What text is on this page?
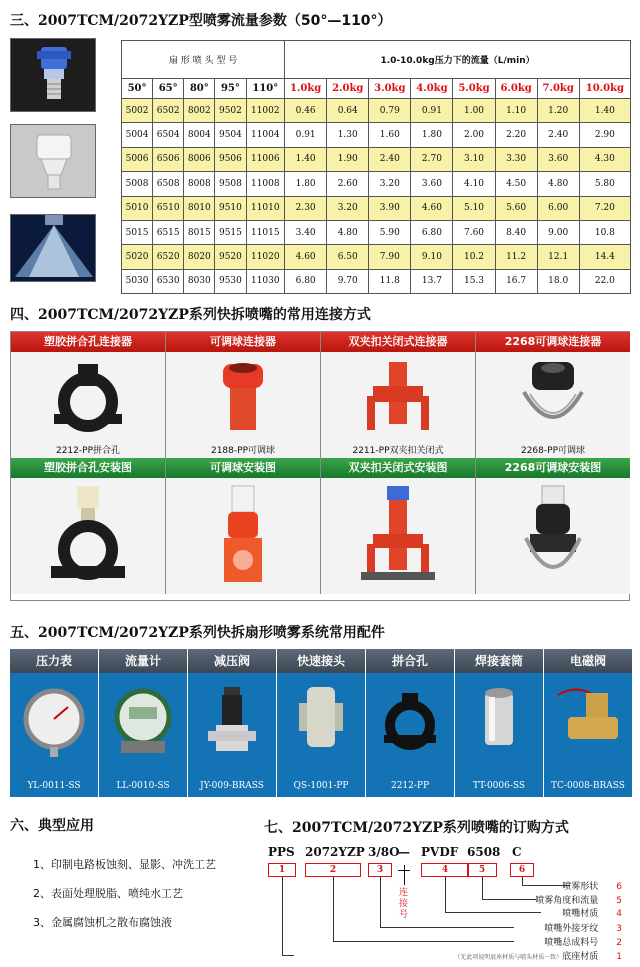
三、2007TCM/2072YZP型喷雾流量参数（50°—110°）
扇 形 喷 头 型 号					1.0-10.0kg压力下的流量（L/min）							
50°	65°	80°	95°	110°	1.0kg	2.0kg	3.0kg	4.0kg	5.0kg	6.0kg	7.0kg	10.0kg
5002	6502	8002	9502	11002	0.46	0.64	0.79	0.91	1.00	1.10	1.20	1.40
5004	6504	8004	9504	11004	0.91	1.30	1.60	1.80	2.00	2.20	2.40	2.90
5006	6506	8006	9506	11006	1.40	1.90	2.40	2.70	3.10	3.30	3.60	4.30
5008	6508	8008	9508	11008	1.80	2.60	3.20	3.60	4.10	4.50	4.80	5.80
5010	6510	8010	9510	11010	2.30	3.20	3.90	4.60	5.10	5.60	6.00	7.20
5015	6515	8015	9515	11015	3.40	4.80	5.90	6.80	7.60	8.40	9.00	10.8
5020	6520	8020	9520	11020	4.60	6.50	7.90	9.10	10.2	11.2	12.1	14.4
5030	6530	8030	9530	11030	6.80	9.70	11.8	13.7	15.3	16.7	18.0	22.0
四、2007TCM/2072YZP系列快拆喷嘴的常用连接方式
塑胶拼合孔连接器
2212-PP拼合孔
可调球连接器
2188-PP可调球
双夹扣关闭式连接器
2211-PP双夹扣关闭式
2268可调球连接器
2268-PP可调球
塑胶拼合孔安装图	可调球安装图	双夹扣关闭式安装图	2268可调球安装图
五、2007TCM/2072YZP系列快拆扇形喷雾系统常用配件
压力表
YL-0011-SS
流量计
LL-0010-SS
减压阀
JY-009-BRASS
快速接头
QS-1001-PP
拼合孔
2212-PP
焊接套筒
TT-0006-SS
电磁阀
TC-0008-BRASS
六、典型应用
1、印制电路板蚀刻、显影、冲洗工艺
2、表面处理脱脂、喷纯水工艺
3、金属腐蚀机之散布腐蚀液
七、2007TCM/2072YZP系列喷嘴的订购方式
PPS 2072YZP 3/8O
— PVDF 6508 C
1	2	3	4	5	6
连接号
喷雾形状 6
喷雾角度和流量 5
喷嘴材质 4
喷嘴外接牙纹 3
喷嘴总成料号 2
（无此项说明底座材质与喷头材质一致）底座材质 1
